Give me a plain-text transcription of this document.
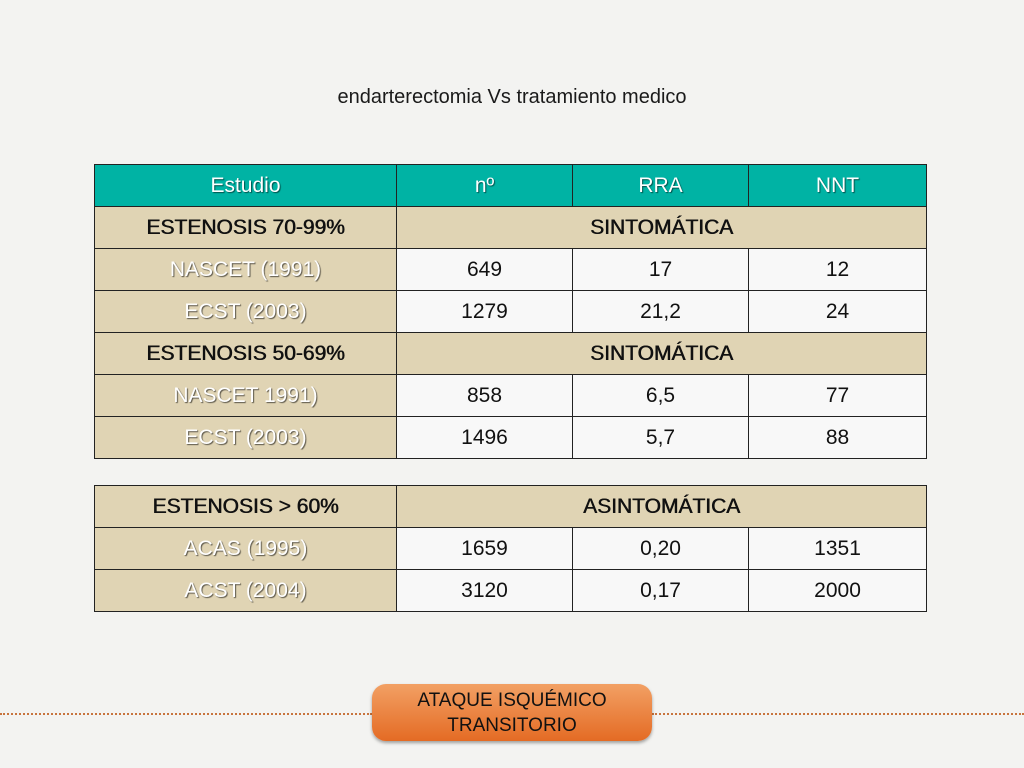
endarterectomia Vs tratamiento medico
Estudio	nº	RRA	NNT
ESTENOSIS 70-99%	SINTOMÁTICA		
NASCET (1991)	649	17	12
ECST (2003)	1279	21,2	24
ESTENOSIS 50-69%	SINTOMÁTICA		
NASCET 1991)	858	6,5	77
ECST (2003)	1496	5,7	88
ESTENOSIS > 60%	ASINTOMÁTICA		
ACAS (1995)	1659	0,20	1351
ACST (2004)	3120	0,17	2000
ATAQUE ISQUÉMICO
TRANSITORIO
